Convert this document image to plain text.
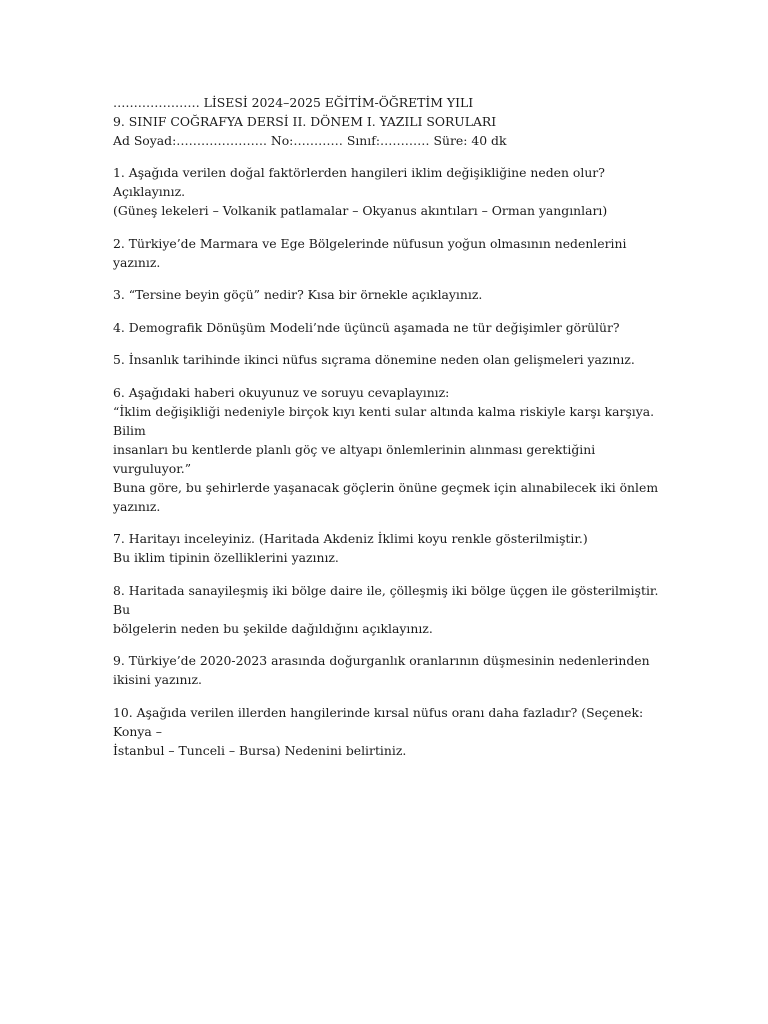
………………… LİSESİ 2024–2025 EĞİTİM-ÖĞRETİM YILI

9. SINIF COĞRAFYA DERSİ II. DÖNEM I. YAZILI SORULARI

Ad Soyad:…………………. No:………… Sınıf:………… Süre: 40 dk

1. Aşağıda verilen doğal faktörlerden hangileri iklim değişikliğine neden olur? Açıklayınız.
(Güneş lekeleri – Volkanik patlamalar – Okyanus akıntıları – Orman yangınları)
2. Türkiye’de Marmara ve Ege Bölgelerinde nüfusun yoğun olmasının nedenlerini yazınız.
3. “Tersine beyin göçü” nedir? Kısa bir örnekle açıklayınız.
4. Demografik Dönüşüm Modeli’nde üçüncü aşamada ne tür değişimler görülür?
5. İnsanlık tarihinde ikinci nüfus sıçrama dönemine neden olan gelişmeleri yazınız.
6. Aşağıdaki haberi okuyunuz ve soruyu cevaplayınız:
“İklim değişikliği nedeniyle birçok kıyı kenti sular altında kalma riskiyle karşı karşıya. Bilim
insanları bu kentlerde planlı göç ve altyapı önlemlerinin alınması gerektiğini vurguluyor.”
Buna göre, bu şehirlerde yaşanacak göçlerin önüne geçmek için alınabilecek iki önlem
yazınız.
7. Haritayı inceleyiniz. (Haritada Akdeniz İklimi koyu renkle gösterilmiştir.)
Bu iklim tipinin özelliklerini yazınız.
8. Haritada sanayileşmiş iki bölge daire ile, çölleşmiş iki bölge üçgen ile gösterilmiştir. Bu
bölgelerin neden bu şekilde dağıldığını açıklayınız.
9. Türkiye’de 2020-2023 arasında doğurganlık oranlarının düşmesinin nedenlerinden
ikisini yazınız.
10. Aşağıda verilen illerden hangilerinde kırsal nüfus oranı daha fazladır? (Seçenek: Konya –
İstanbul – Tunceli – Bursa) Nedenini belirtiniz.
